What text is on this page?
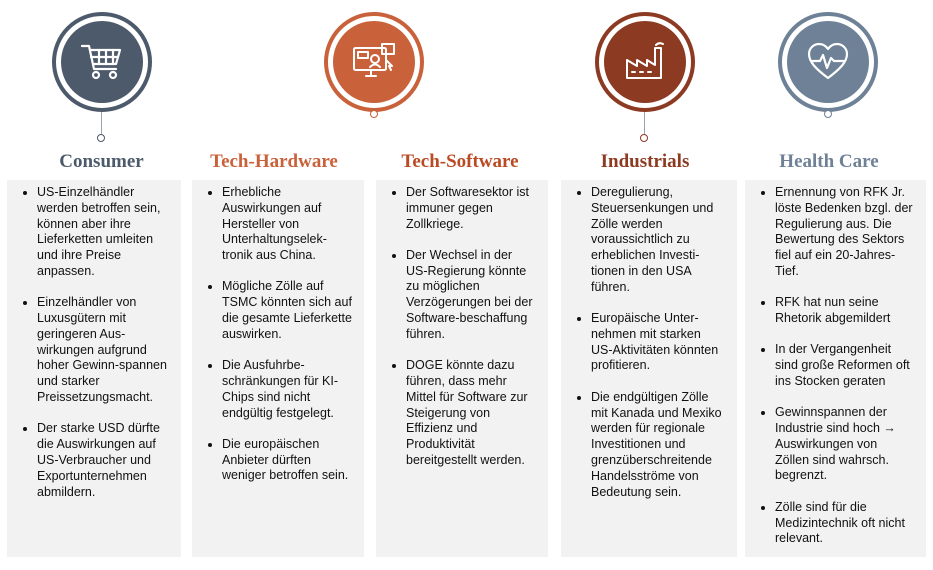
Consumer
• US-Einzelhändler werden betroffen sein, können aber ihre Lieferketten umleiten und ihre Preise anpassen.
• Einzelhändler von Luxusgütern mit geringeren Aus-wirkungen aufgrund hoher Gewinn-spannen und starker Preissetzungsmacht.
• Der starke USD dürfte die Auswirkungen auf US-Verbraucher und Exportunternehmen abmildern.
Tech-Hardware
• Erhebliche Auswirkungen auf Hersteller von Unterhaltungselek-tronik aus China.
• Mögliche Zölle auf TSMC könnten sich auf die gesamte Lieferkette auswirken.
• Die Ausfuhrbe-schränkungen für KI-Chips sind nicht endgültig festgelegt.
• Die europäischen Anbieter dürften weniger betroffen sein.
Tech-Software
• Der Softwaresektor ist immuner gegen Zollkriege.
• Der Wechsel in der US-Regierung könnte zu möglichen Verzögerungen bei der Software-beschaffung führen.
• DOGE könnte dazu führen, dass mehr Mittel für Software zur Steigerung von Effizienz und Produktivität bereitgestellt werden.
Industrials
• Deregulierung, Steuersenkungen und Zölle werden voraussichtlich zu erheblichen Investi-tionen in den USA führen.
• Europäische Unter-nehmen mit starken US-Aktivitäten könnten profitieren.
• Die endgültigen Zölle mit Kanada und Mexiko werden für regionale Investitionen und grenzüberschreitende Handelsströme von Bedeutung sein.
Health Care
• Ernennung von RFK Jr. löste Bedenken bzgl. der Regulierung aus. Die Bewertung des Sektors fiel auf ein 20-Jahres-Tief.
• RFK hat nun seine Rhetorik abgemildert
• In der Vergangenheit sind große Reformen oft ins Stocken geraten
• Gewinnspannen der Industrie sind hoch → Auswirkungen von Zöllen sind wahrsch. begrenzt.
• Zölle sind für die Medizintechnik oft nicht relevant.
